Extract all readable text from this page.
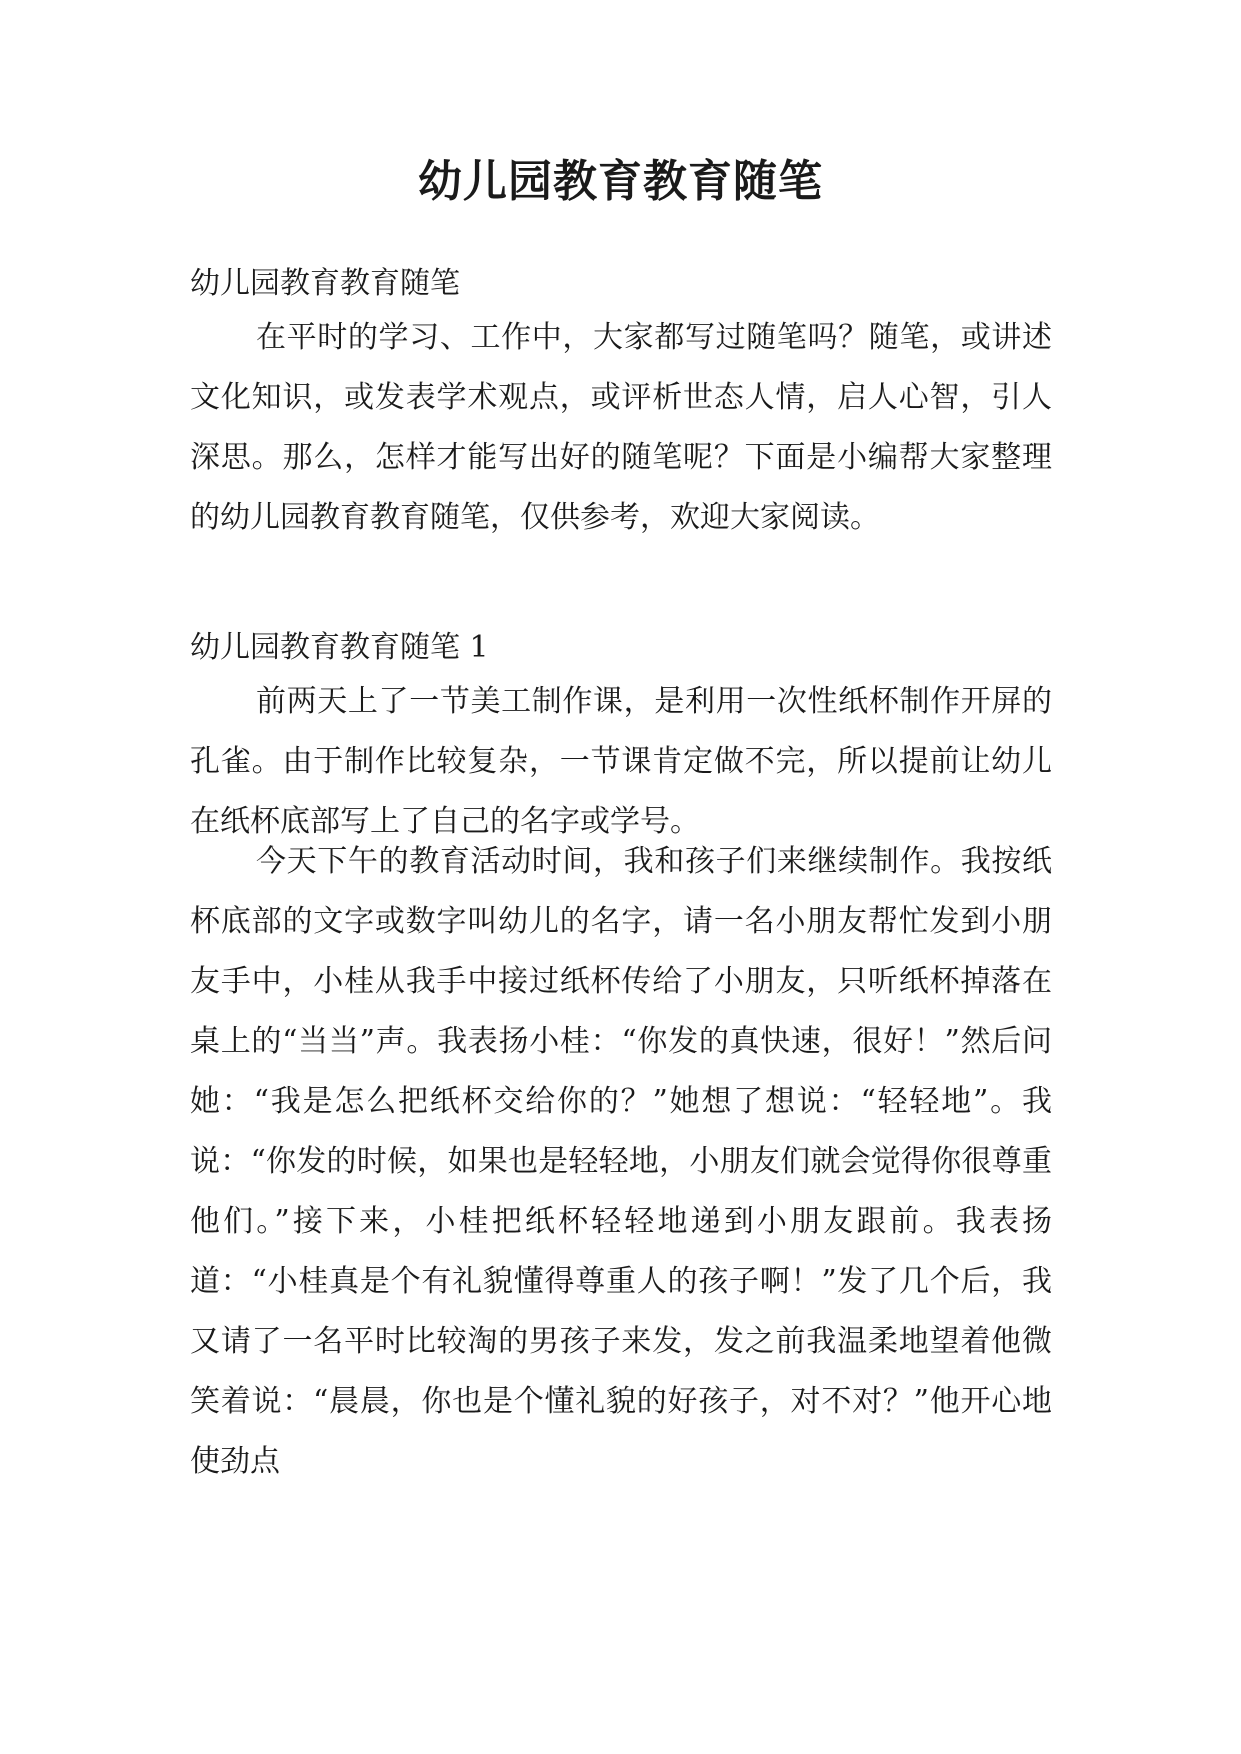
幼儿园教育教育随笔

幼儿园教育教育随笔

在平时的学习、工作中，大家都写过随笔吗？随笔，或讲述文化知识，或发表学术观点，或评析世态人情，启人心智，引人深思。那么，怎样才能写出好的随笔呢？下面是小编帮大家整理的幼儿园教育教育随笔，仅供参考，欢迎大家阅读。

幼儿园教育教育随笔 1

前两天上了一节美工制作课，是利用一次性纸杯制作开屏的孔雀。由于制作比较复杂，一节课肯定做不完，所以提前让幼儿在纸杯底部写上了自己的名字或学号。

今天下午的教育活动时间，我和孩子们来继续制作。我按纸杯底部的文字或数字叫幼儿的名字，请一名小朋友帮忙发到小朋友手中，小桂从我手中接过纸杯传给了小朋友，只听纸杯掉落在桌上的“当当”声。我表扬小桂：“你发的真快速，很好！”然后问她：“我是怎么把纸杯交给你的？”她想了想说：“轻轻地”。我说：“你发的时候，如果也是轻轻地，小朋友们就会觉得你很尊重他们。”接下来，小桂把纸杯轻轻地递到小朋友跟前。我表扬道：“小桂真是个有礼貌懂得尊重人的孩子啊！”发了几个后，我又请了一名平时比较淘的男孩子来发，发之前我温柔地望着他微笑着说：“晨晨，你也是个懂礼貌的好孩子，对不对？”他开心地使劲点
